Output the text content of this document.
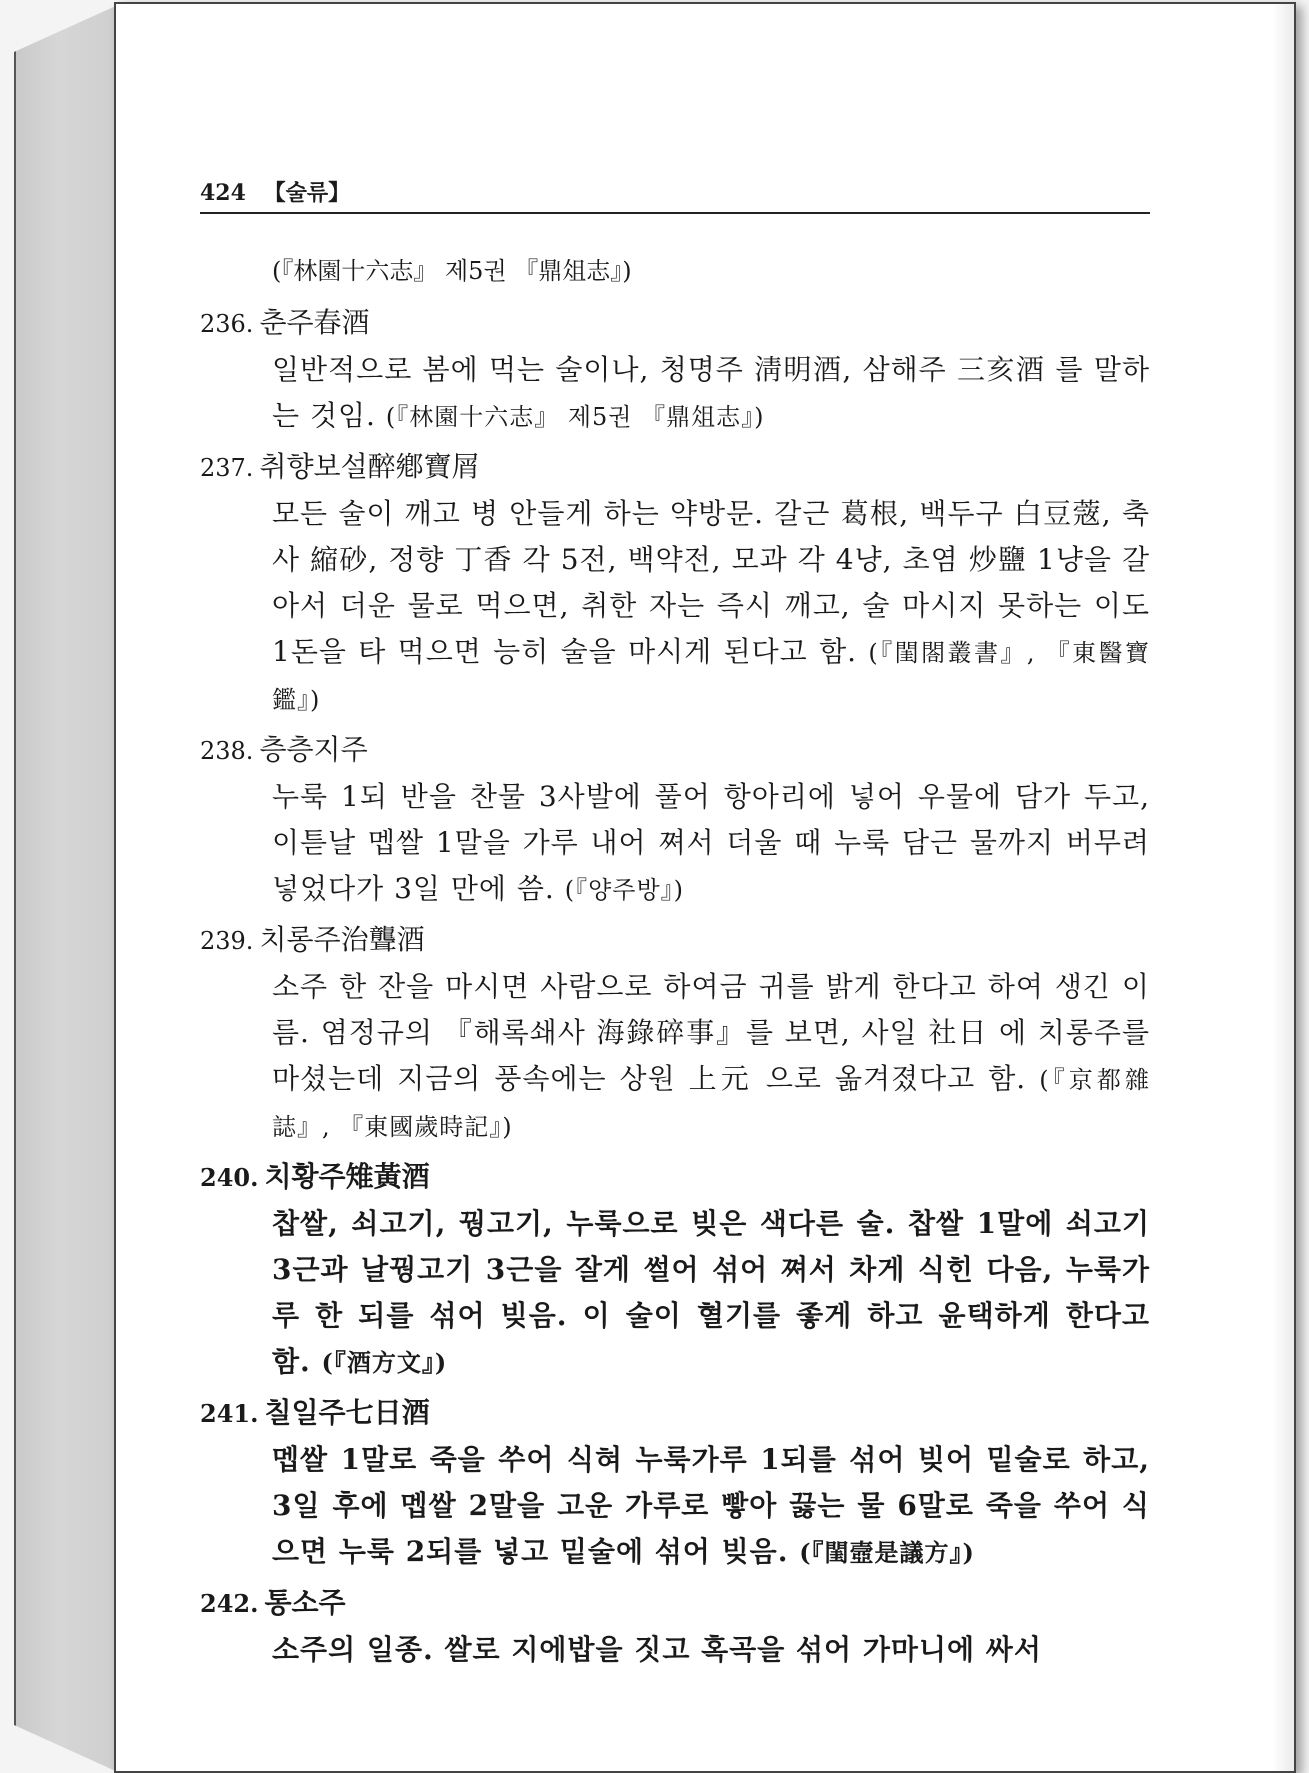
424 【술류】
(『林園十六志』 제5권 『鼎俎志』)
236. 춘주春酒
일반적으로 봄에 먹는 술이나, 청명주 淸明酒, 삼해주 三亥酒 를 말하는 것임. (『林園十六志』 제5권 『鼎俎志』)
237. 취향보설醉鄕寶屑
모든 술이 깨고 병 안들게 하는 약방문. 갈근 葛根, 백두구 白豆蔲, 축사 縮砂, 정향 丁香 각 5전, 백약전, 모과 각 4냥, 초염 炒鹽 1냥을 갈아서 더운 물로 먹으면, 취한 자는 즉시 깨고, 술 마시지 못하는 이도 1돈을 타 먹으면 능히 술을 마시게 된다고 함. (『閨閤叢書』, 『東醫寶鑑』)
238. 층층지주
누룩 1되 반을 찬물 3사발에 풀어 항아리에 넣어 우물에 담가 두고, 이튿날 멥쌀 1말을 가루 내어 쪄서 더울 때 누룩 담근 물까지 버무려 넣었다가 3일 만에 씀. (『양주방』)
239. 치롱주治聾酒
소주 한 잔을 마시면 사람으로 하여금 귀를 밝게 한다고 하여 생긴 이름. 염정규의 『해록쇄사 海錄碎事』를 보면, 사일 社日 에 치롱주를 마셨는데 지금의 풍속에는 상원 上元 으로 옮겨졌다고 함. (『京都雜誌』, 『東國歲時記』)
240. 치황주雉黃酒
찹쌀, 쇠고기, 꿩고기, 누룩으로 빚은 색다른 술. 찹쌀 1말에 쇠고기 3근과 날꿩고기 3근을 잘게 썰어 섞어 쪄서 차게 식힌 다음, 누룩가루 한 되를 섞어 빚음. 이 술이 혈기를 좋게 하고 윤택하게 한다고 함. (『酒方文』)
241. 칠일주七日酒
멥쌀 1말로 죽을 쑤어 식혀 누룩가루 1되를 섞어 빚어 밑술로 하고, 3일 후에 멥쌀 2말을 고운 가루로 빻아 끓는 물 6말로 죽을 쑤어 식으면 누룩 2되를 넣고 밑술에 섞어 빚음. (『閨壼是議方』)
242. 통소주
소주의 일종. 쌀로 지에밥을 짓고 혹곡을 섞어 가마니에 싸서
